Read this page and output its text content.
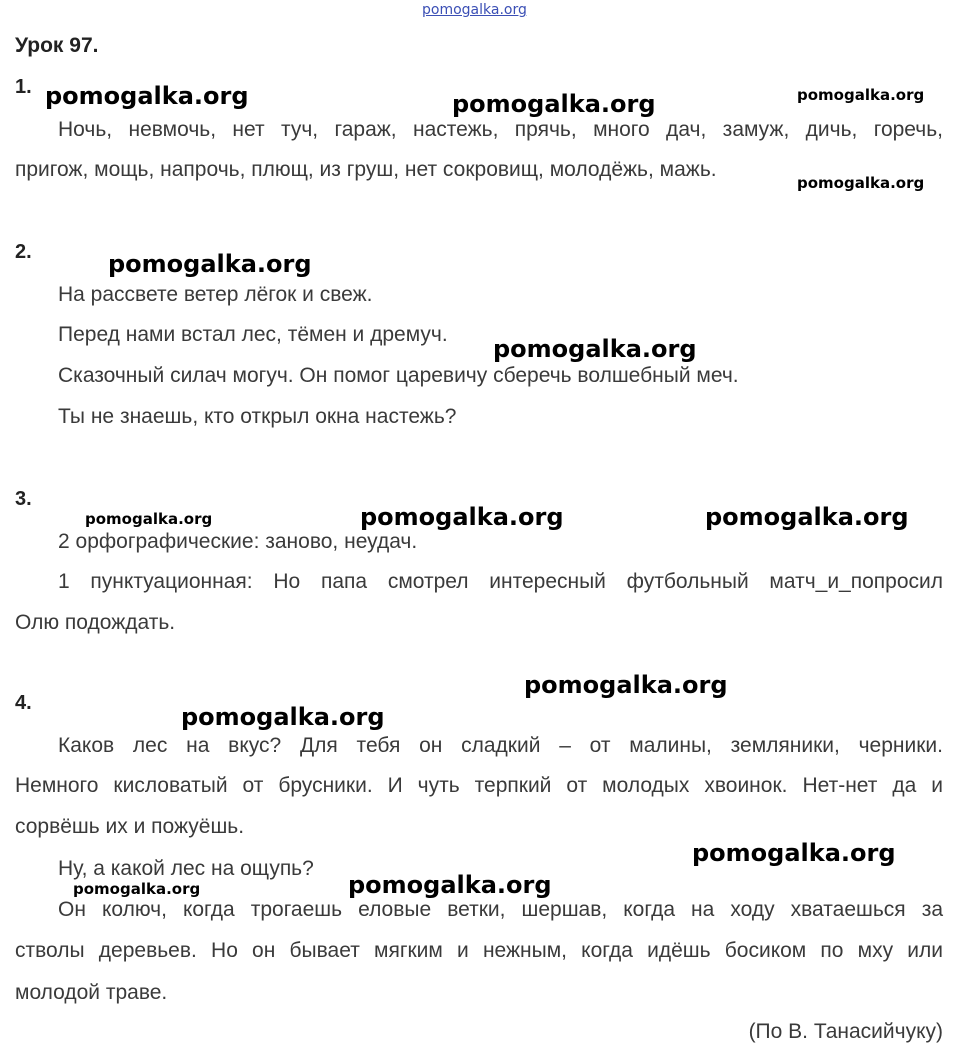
pomogalka.org
Урок 97.
1.
Ночь, невмочь, нет туч, гараж, настежь, прячь, много дач, замуж, дичь, горечь,
пригож, мощь, напрочь, плющ, из груш, нет сокровищ, молодёжь, мажь.
2.
На рассвете ветер лёгок и свеж.
Перед нами встал лес, тёмен и дремуч.
Сказочный силач могуч. Он помог царевичу сберечь волшебный меч.
Ты не знаешь, кто открыл окна настежь?
3.
2 орфографические: заново, неудач.
1 пунктуационная: Но папа смотрел интересный футбольный матч_и_попросил
Олю подождать.
4.
Каков лес на вкус? Для тебя он сладкий – от малины, земляники, черники.
Немного кисловатый от брусники. И чуть терпкий от молодых хвоинок. Нет-нет да и
сорвёшь их и пожуёшь.
Ну, а какой лес на ощупь?
Он колюч, когда трогаешь еловые ветки, шершав, когда на ходу хватаешься за
стволы деревьев. Но он бывает мягким и нежным, когда идёшь босиком по мху или
молодой траве.
(По В. Танасийчуку)
pomogalka.org	pomogalka.org	pomogalka.org
pomogalka.org
pomogalka.org
pomogalka.org
pomogalka.org	pomogalka.org	pomogalka.org
pomogalka.org
pomogalka.org
pomogalka.org
pomogalka.org	pomogalka.org
